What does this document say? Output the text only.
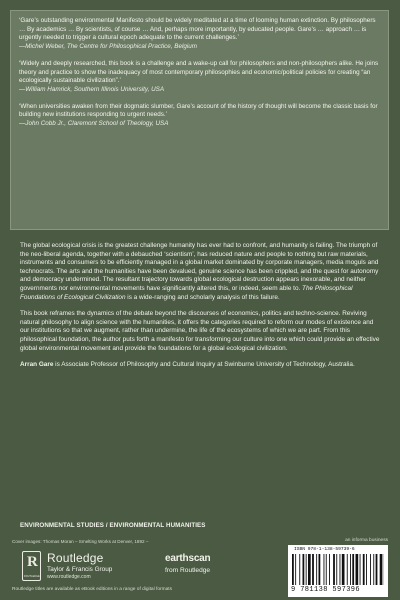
‘Gare’s outstanding environmental Manifesto should be widely meditated at a time of looming human extinction. By philosophers … By academics … By scientists, of course … And, perhaps more importantly, by educated people. Gare’s … approach … is urgently needed to trigger a cultural epoch adequate to the current challenges.’
—Michel Weber, The Centre for Philosophical Practice, Belgium

‘Widely and deeply researched, this book is a challenge and a wake-up call for philosophers and non-philosophers alike. He joins theory and practice to show the inadequacy of most contemporary philosophies and economic/political policies for creating “an ecologically sustainable civilization”.’
—William Hamrick, Southern Illinois University, USA

‘When universities awaken from their dogmatic slumber, Gare’s account of the history of thought will become the classic basis for building new institutions responding to urgent needs.’
—John Cobb Jr., Claremont School of Theology, USA

The global ecological crisis is the greatest challenge humanity has ever had to confront, and humanity is failing. The triumph of the neo-liberal agenda, together with a debauched ‘scientism’, has reduced nature and people to nothing but raw materials, instruments and consumers to be efficiently managed in a global market dominated by corporate managers, media moguls and technocrats. The arts and the humanities have been devalued, genuine science has been crippled, and the quest for autonomy and democracy undermined. The resultant trajectory towards global ecological destruction appears inexorable, and neither governments nor environmental movements have significantly altered this, or indeed, seem able to. The Philosophical Foundations of Ecological Civilization is a wide-ranging and scholarly analysis of this failure.

This book reframes the dynamics of the debate beyond the discourses of economics, politics and techno-science. Reviving natural philosophy to align science with the humanities, it offers the categories required to reform our modes of existence and our institutions so that we augment, rather than undermine, the life of the ecosystems of which we are part. From this philosophical foundation, the author puts forth a manifesto for transforming our culture into one which could provide an effective global environmental movement and provide the foundations for a global ecological civilization.

Arran Gare is Associate Professor of Philosophy and Cultural Inquiry at Swinburne University of Technology, Australia.

ENVIRONMENTAL STUDIES / ENVIRONMENTAL HUMANITIES
Cover images: Thomas Moran – Smelting Works at Denver, 1892 –	an informa business
R
ROUTLEDGE
Routledge
Taylor & Francis Group
www.routledge.com
earthscan
from Routledge
ISBN 978-1-138-59739-6
9 781138 597396
Routledge titles are available as eBook editions in a range of digital formats
